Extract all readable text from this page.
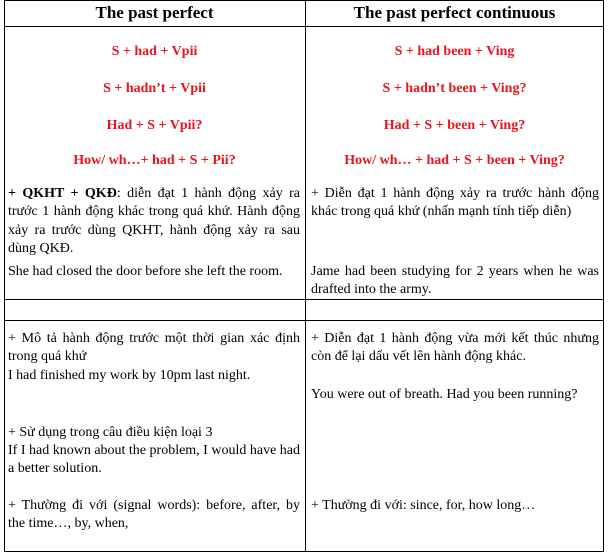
The past perfect	The past perfect continuous
S + had + Vpii
S + hadn’t + Vpii
Had + S + Vpii?
How/ wh…+ had + S + Pii?
S + had been + Ving
S + hadn’t been + Ving?
Had + S + been + Ving?
How/ wh… + had + S + been + Ving?

+ QKHT + QKĐ: diễn đạt 1 hành động xảy ra trước 1 hành động khác trong quá khứ. Hành động xảy ra trước dùng QKHT, hành động xảy ra sau dùng QKĐ.

She had closed the door before she left the room.

+ Diễn đạt 1 hành động xảy ra trước hành động khác trong quá khứ (nhấn mạnh tính tiếp diễn)

Jame had been studying for 2 years when he was drafted into the army.

+ Mô tả hành động trước một thời gian xác định trong quá khứ

I had finished my work by 10pm last night.

+ Sử dụng trong câu điều kiện loại 3

If I had known about the problem, I would have had a better solution.

+ Thường đi với (signal words): before, after, by the time…, by, when,

+ Diễn đạt 1 hành động vừa mới kết thúc nhưng còn để lại dấu vết lên hành động khác.

You were out of breath. Had you been running?

+ Thường đi với: since, for, how long…
